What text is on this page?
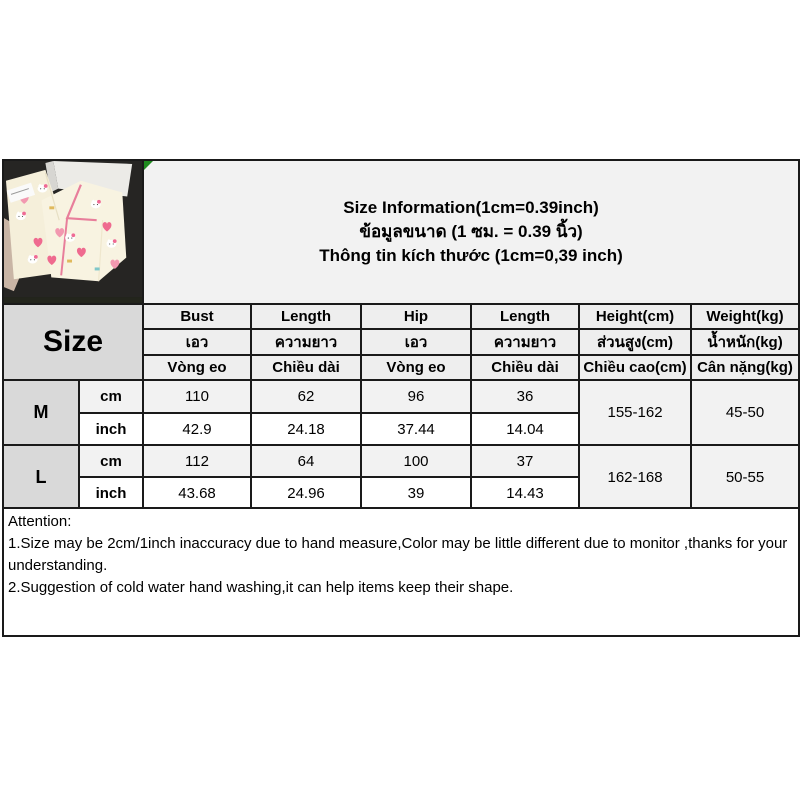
Size Information(1cm=0.39inch)
ข้อมูลขนาด (1 ซม. = 0.39 นิ้ว)
Thông tin kích thước (1cm=0,39 inch)					

Size		Bust	Length	Hip	Length	Height(cm)	Weight(kg)
		เอว	ความยาว	เอว	ความยาว	ส่วนสูง(cm)	น้ำหนัก(kg)
		Vòng eo	Chiều dài	Vòng eo	Chiều dài	Chiều cao(cm)	Cân nặng(kg)
M	cm	110	62	96	36	155-162	45-50
	inch	42.9	24.18	37.44	14.04		
L	cm	112	64	100	37	162-168	50-55
	inch	43.68	24.96	39	14.43		
Attention:
1.Size may be 2cm/1inch inaccuracy due to hand measure,Color may be little different due to monitor ,thanks for your understanding.
2.Suggestion of cold water hand washing,it can help items keep their shape.
